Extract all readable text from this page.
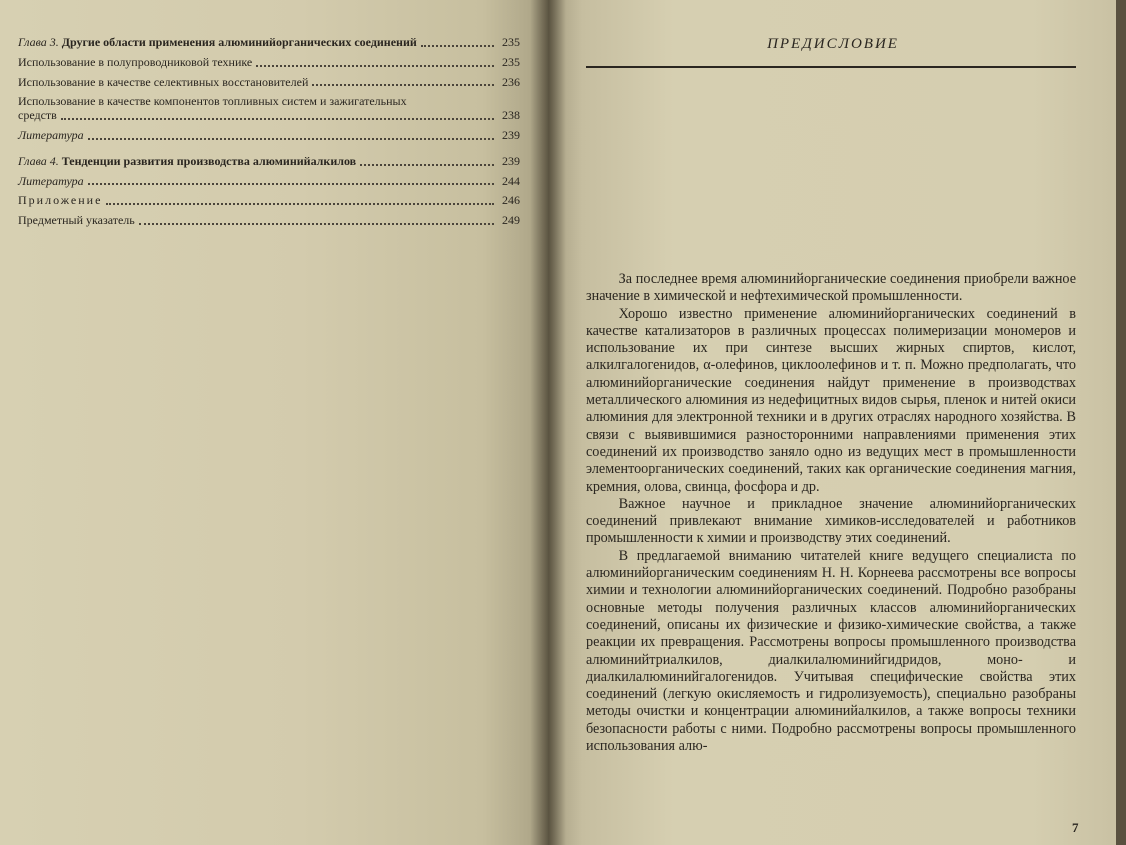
Глава 3. Другие области применения алюминийорганических соединений	235
Использование в полупроводниковой технике	235
Использование в качестве селективных восстановителей	236
Использование в качестве компонентов топливных систем и зажигательных
средств	238
Литература	239
Глава 4. Тенденции развития производства алюминийалкилов	239
Литература	244
Приложение	246
Предметный указатель	249
ПРЕДИСЛОВИЕ

За последнее время алюминийорганические соединения приобрели важное значение в химической и нефтехимической промышленности.

Хорошо известно применение алюминийорганических соединений в качестве катализаторов в различных процессах полимеризации мономеров и использование их при синтезе высших жирных спиртов, кислот, алкилгалогенидов, α-олефинов, циклоолефинов и т. п. Можно предполагать, что алюминийорганические соединения найдут применение в производствах металлического алюминия из недефицитных видов сырья, пленок и нитей окиси алюминия для электронной техники и в других отраслях народного хозяйства. В связи с выявившимися разносторонними направлениями применения этих соединений их производство заняло одно из ведущих мест в промышленности элементоорганических соединений, таких как органические соединения магния, кремния, олова, свинца, фосфора и др.

Важное научное и прикладное значение алюминийорганических соединений привлекают внимание химиков-исследователей и работников промышленности к химии и производству этих соединений.

В предлагаемой вниманию читателей книге ведущего специалиста по алюминийорганическим соединениям Н. Н. Корнеева рассмотрены все вопросы химии и технологии алюминийорганических соединений. Подробно разобраны основные методы получения различных классов алюминийорганических соединений, описаны их физические и физико-химические свойства, а также реакции их превращения. Рассмотрены вопросы промышленного производства алюминийтриалкилов, диалкилалюминийгидридов, моно- и диалкилалюминийгалогенидов. Учитывая специфические свойства этих соединений (легкую окисляемость и гидролизуемость), специально разобраны методы очистки и концентрации алюминийалкилов, а также вопросы техники безопасности работы с ними. Подробно рассмотрены вопросы промышленного использования алю-

7
